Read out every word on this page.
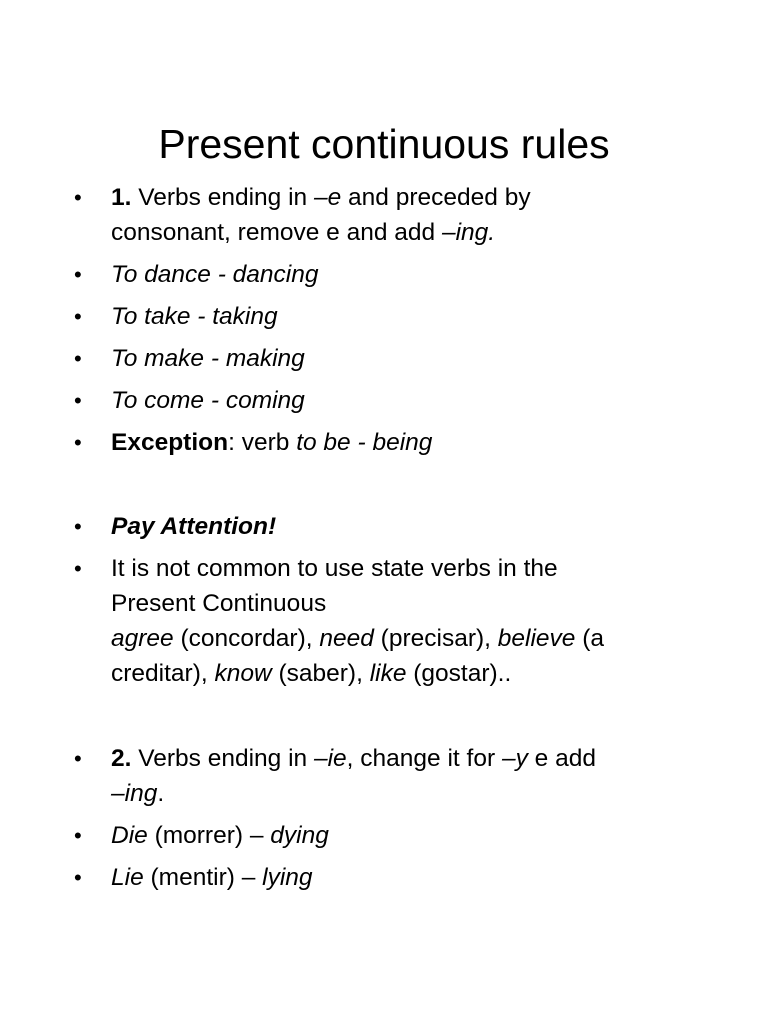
Present continuous rules
• 1. Verbs ending in –e and preceded by
consonant, remove e and add –ing.
• To dance - dancing
• To take - taking
• To make - making
• To come - coming
• Exception: verb to be - being
• Pay Attention!
• It is not common to use state verbs in the
Present Continuous
agree (concordar), need (precisar), believe (a
creditar), know (saber), like (gostar)..
• 2. Verbs ending in –ie, change it for –y e add
–ing.
• Die (morrer) – dying
• Lie (mentir) – lying
